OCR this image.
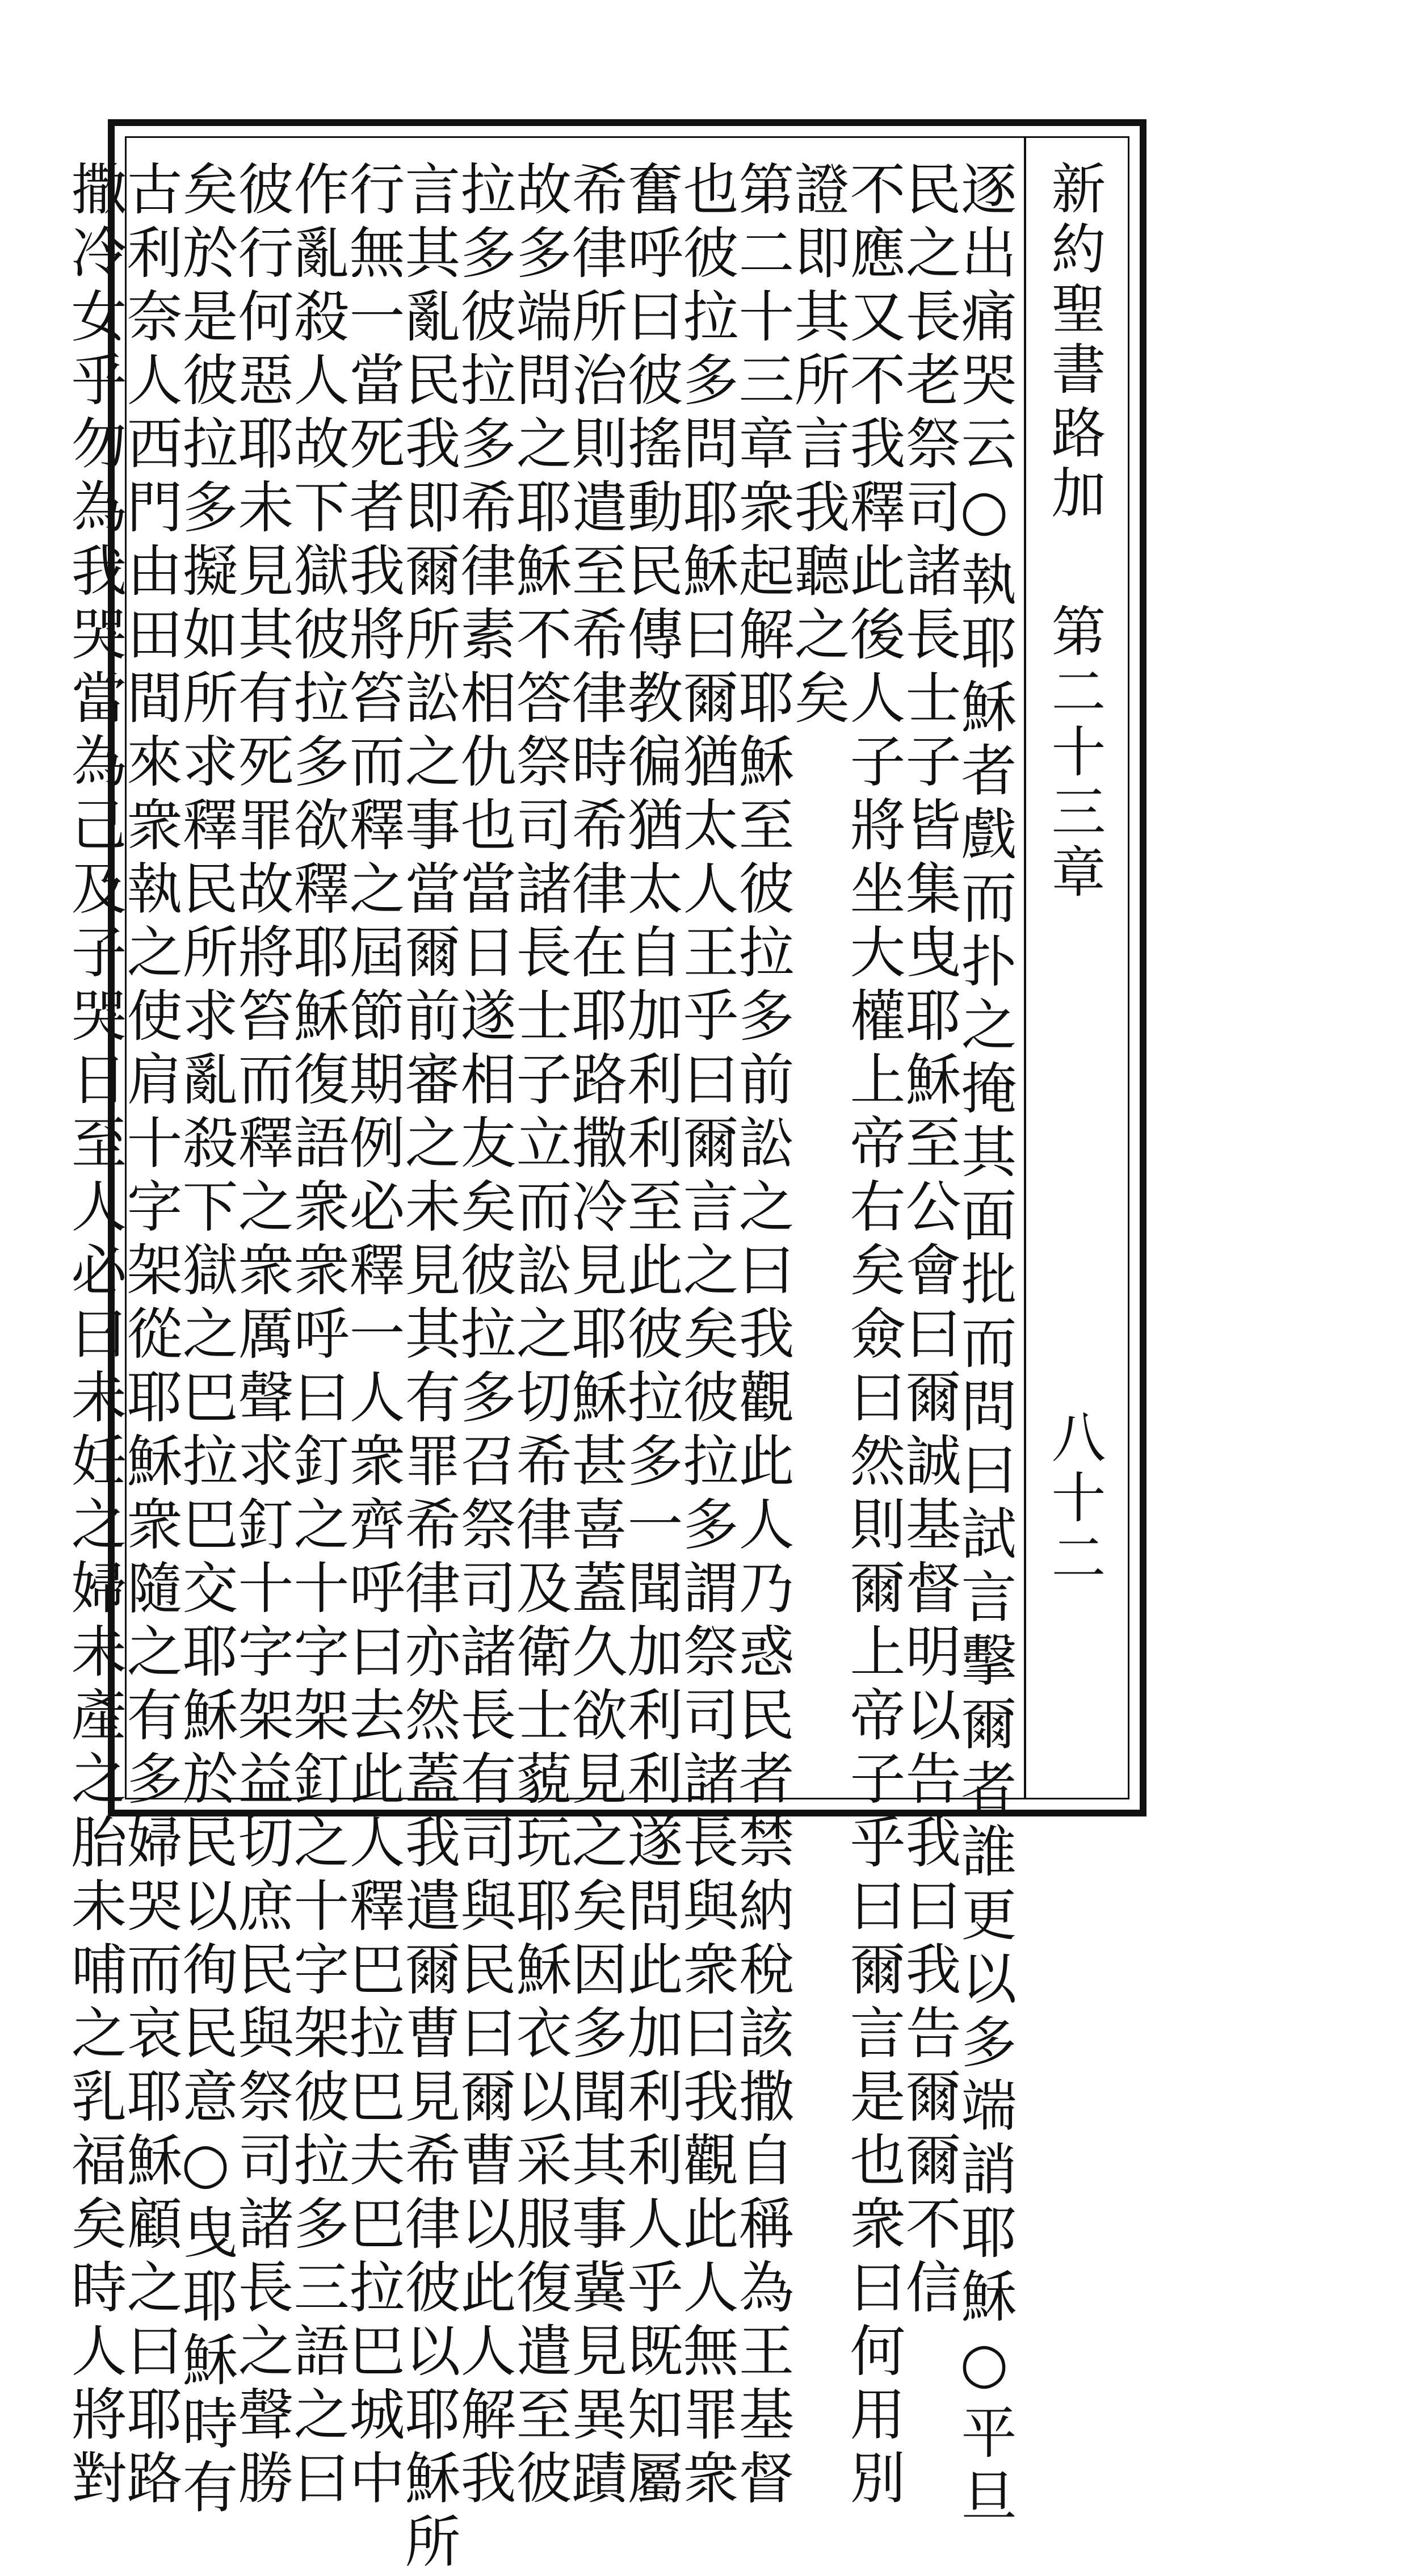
新約聖書
路加
第二十三章
八十二
逐出痛哭云○執耶穌者戲而扑之掩其面批而問曰試言擊爾者誰更以多端誚耶穌○平旦
民之長老祭司諸長士子皆集曳耶穌至公會曰爾誠基督明以告我曰我告爾爾不信
不應又不我釋此後人子將坐大權上帝右矣僉曰然則爾上帝子乎曰爾言是也衆曰何用別
證即其所言我聽之矣
第二十三章衆起解耶穌至彼拉多前訟之曰我觀此人乃惑民者禁納稅該撒自稱為王基督
也彼拉多問耶穌曰爾猶太人王乎曰爾言之矣彼拉多謂祭司諸長與衆曰我觀此人無罪衆
奮呼曰彼搖動民傳教徧猶太自加利利至此彼拉多一聞加利利遂問此加利利人乎既知屬
希律所治則遣至希律時希律在耶路撒冷見耶穌甚喜蓋久欲見之矣因多聞其事冀見異蹟
故多端問之耶穌不答祭司諸長士子立而訟之切希律及衛士藐玩耶穌衣以采服復遣至彼
拉多彼拉多希律素相仇也當日遂相友矣彼拉多召祭司諸長有司與民曰爾曹以此人解我
言其亂民我即爾所訟之事當爾前審之未見其有罪希律亦然蓋我遣爾曹見希律彼以耶穌所
行無一當死者我將笞而釋之屆節期例必釋一人衆齊呼曰去此人釋巴拉巴夫巴拉巴城中
作亂殺人故下獄彼拉多欲釋耶穌復語衆衆呼曰釘之十字架釘之十字架彼拉多三語之曰
彼行何惡耶未見其有死罪故將笞而釋之衆厲聲求釘十字架益切庶民與祭司諸長之聲勝
矣於是彼拉多擬如所求釋民所求亂殺下獄之巴拉巴交耶穌於民以徇民意○曳耶穌時有
古利奈人西門由田間來衆執之使肩十字架從耶穌衆隨之有多婦哭而哀耶穌顧之曰耶路
撒冷女乎勿為我哭當為己及子哭日至人必曰未妊之婦未產之胎未哺之乳福矣時人將對
